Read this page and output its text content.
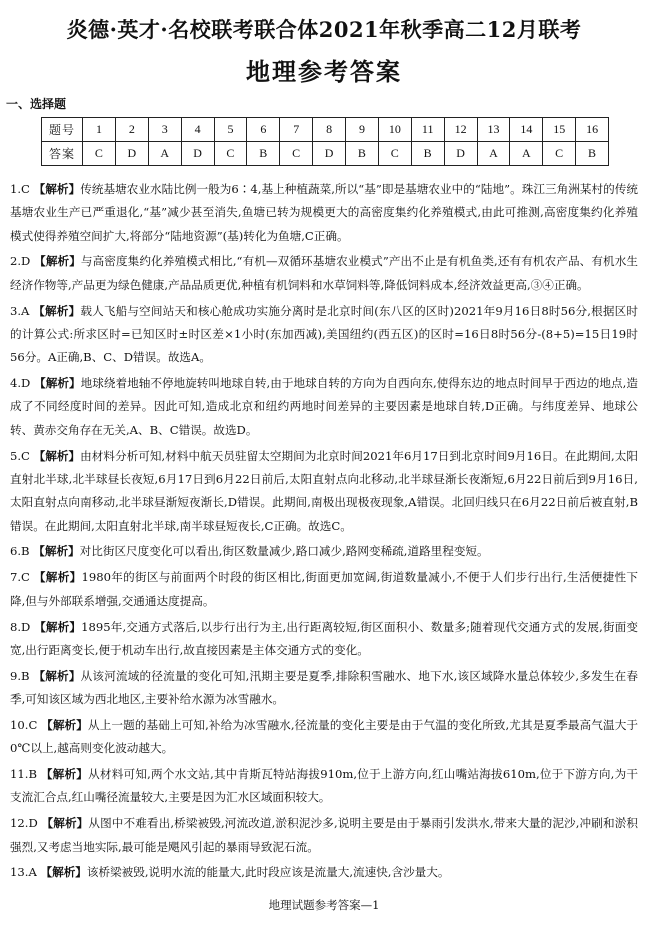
炎德·英才·名校联考联合体2021年秋季高二12月联考
地理参考答案
一、选择题
题号	1	2	3	4	5	6	7	8	9	10	11	12	13	14	15	16
答案	C	D	A	D	C	B	C	D	B	C	B	D	A	A	C	B
1.C 【解析】传统基塘农业水陆比例一般为6∶4,基上种植蔬菜,所以“基”即是基塘农业中的“陆地”。珠江三角洲某村的传统基塘农业生产已严重退化,“基”减少甚至消失,鱼塘已转为规模更大的高密度集约化养殖模式,由此可推测,高密度集约化养殖模式使得养殖空间扩大,将部分“陆地资源”(基)转化为鱼塘,C正确。
2.D 【解析】与高密度集约化养殖模式相比,“有机—双循环基塘农业模式”产出不止是有机鱼类,还有有机农产品、有机水生经济作物等,产品更为绿色健康,产品品质更优,种植有机饲料和水草饲料等,降低饲料成本,经济效益更高,③④正确。
3.A 【解析】载人飞船与空间站天和核心舱成功实施分离时是北京时间(东八区的区时)2021年9月16日8时56分,根据区时的计算公式:所求区时=已知区时±时区差×1小时(东加西减),美国纽约(西五区)的区时=16日8时56分-(8+5)=15日19时56分。A正确,B、C、D错误。故选A。
4.D 【解析】地球绕着地轴不停地旋转叫地球自转,由于地球自转的方向为自西向东,使得东边的地点时间早于西边的地点,造成了不同经度时间的差异。因此可知,造成北京和纽约两地时间差异的主要因素是地球自转,D正确。与纬度差异、地球公转、黄赤交角存在无关,A、B、C错误。故选D。
5.C 【解析】由材料分析可知,材料中航天员驻留太空期间为北京时间2021年6月17日到北京时间9月16日。在此期间,太阳直射北半球,北半球昼长夜短,6月17日到6月22日前后,太阳直射点向北移动,北半球昼渐长夜渐短,6月22日前后到9月16日,太阳直射点向南移动,北半球昼渐短夜渐长,D错误。此期间,南极出现极夜现象,A错误。北回归线只在6月22日前后被直射,B错误。在此期间,太阳直射北半球,南半球昼短夜长,C正确。故选C。
6.B 【解析】对比街区尺度变化可以看出,街区数量减少,路口减少,路网变稀疏,道路里程变短。
7.C 【解析】1980年的街区与前面两个时段的街区相比,街面更加宽阔,街道数量减小,不便于人们步行出行,生活便捷性下降,但与外部联系增强,交通通达度提高。
8.D 【解析】1895年,交通方式落后,以步行出行为主,出行距离较短,街区面积小、数量多;随着现代交通方式的发展,街面变宽,出行距离变长,便于机动车出行,故直接因素是主体交通方式的变化。
9.B 【解析】从该河流域的径流量的变化可知,汛期主要是夏季,排除积雪融水、地下水,该区域降水量总体较少,多发生在春季,可知该区域为西北地区,主要补给水源为冰雪融水。
10.C 【解析】从上一题的基础上可知,补给为冰雪融水,径流量的变化主要是由于气温的变化所致,尤其是夏季最高气温大于0℃以上,越高则变化波动越大。
11.B 【解析】从材料可知,两个水文站,其中肯斯瓦特站海拔910m,位于上游方向,红山嘴站海拔610m,位于下游方向,为干支流汇合点,红山嘴径流量较大,主要是因为汇水区域面积较大。
12.D 【解析】从图中不难看出,桥梁被毁,河流改道,淤积泥沙多,说明主要是由于暴雨引发洪水,带来大量的泥沙,冲刷和淤积强烈,又考虑当地实际,最可能是飓风引起的暴雨导致泥石流。
13.A 【解析】该桥梁被毁,说明水流的能量大,此时段应该是流量大,流速快,含沙量大。
地理试题参考答案—1
